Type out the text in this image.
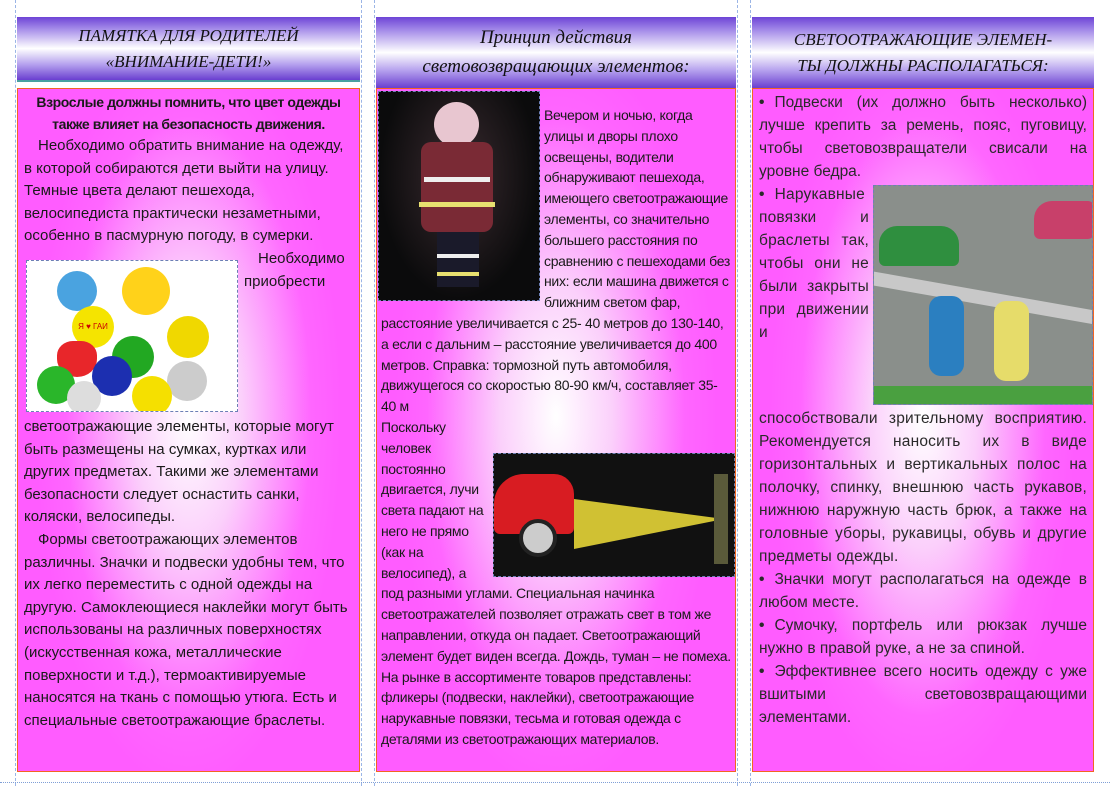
ПАМЯТКА ДЛЯ РОДИТЕЛЕЙ
«ВНИМАНИЕ-ДЕТИ!»

Взрослые должны помнить, что цвет одежды также влияет на безопасность движения.

Необходимо обратить внимание на одежду, в которой собираются дети выйти на улицу. Темные цвета делают пешехода, велосипедиста практически незаметными, особенно в пасмурную погоду, в сумерки.

Я ♥ ГАИ

Необходимо приобрести светоотражающие элементы, которые могут быть размещены на сумках, куртках или других предметах. Такими же элементами безопасности следует оснастить санки, коляски, велосипеды.

Формы светоотражающих элементов различны. Значки и подвески удобны тем, что их легко переместить с одной одежды на другую. Самоклеющиеся наклейки могут быть использованы на различных поверхностях (искусственная кожа, металлические поверхности и т.д.), термоактивируемые наносятся на ткань с помощью утюга. Есть и специальные светоотражающие браслеты.

Принцип действия
световозвращающих элементов:

Вечером и ночью, когда улицы и дворы плохо освещены, водители обнаруживают пешехода, имеющего светоотражающие элементы, со значительно большего расстояния по сравнению с пешеходами без них: если машина движется с ближним светом фар, расстояние увеличивается с 25- 40 метров до 130-140, а если с дальним – расстояние увеличивается до 400 метров. Справка: тормозной путь автомобиля, движущегося со скоростью 80-90 км/ч, составляет 35- 40 м

Поскольку человек постоянно двигается, лучи света падают на него не прямо (как на велосипед), а под разными углами. Специальная начинка светоотражателей позволяет отражать свет в том же направлении, откуда он падает. Светоотражающий элемент будет виден всегда. Дождь, туман – не помеха. На рынке в ассортименте товаров представлены: фликеры (подвески, наклейки), светоотражающие нарукавные повязки, тесьма и готовая одежда с деталями из светоотражающих материалов.

СВЕТООТРАЖАЮЩИЕ ЭЛЕМЕН-
ТЫ ДОЛЖНЫ РАСПОЛАГАТЬСЯ:

• Подвески (их должно быть несколько) лучше крепить за ремень, пояс, пуговицу, чтобы световозвращатели свисали на уровне бедра.

• Нарукавные повязки и браслеты так, чтобы они не были закрыты при движении и способствовали зрительному восприятию. Рекомендуется наносить их в виде горизонтальных и вертикальных полос на полочку, спинку, внешнюю часть рукавов, нижнюю наружную часть брюк, а также на головные уборы, рукавицы, обувь и другие предметы одежды.

• Значки могут располагаться на одежде в любом месте.

• Сумочку, портфель или рюкзак лучше нужно в правой руке, а не за спиной.

• Эффективнее всего носить одежду с уже вшитыми световозвращающими элементами.
